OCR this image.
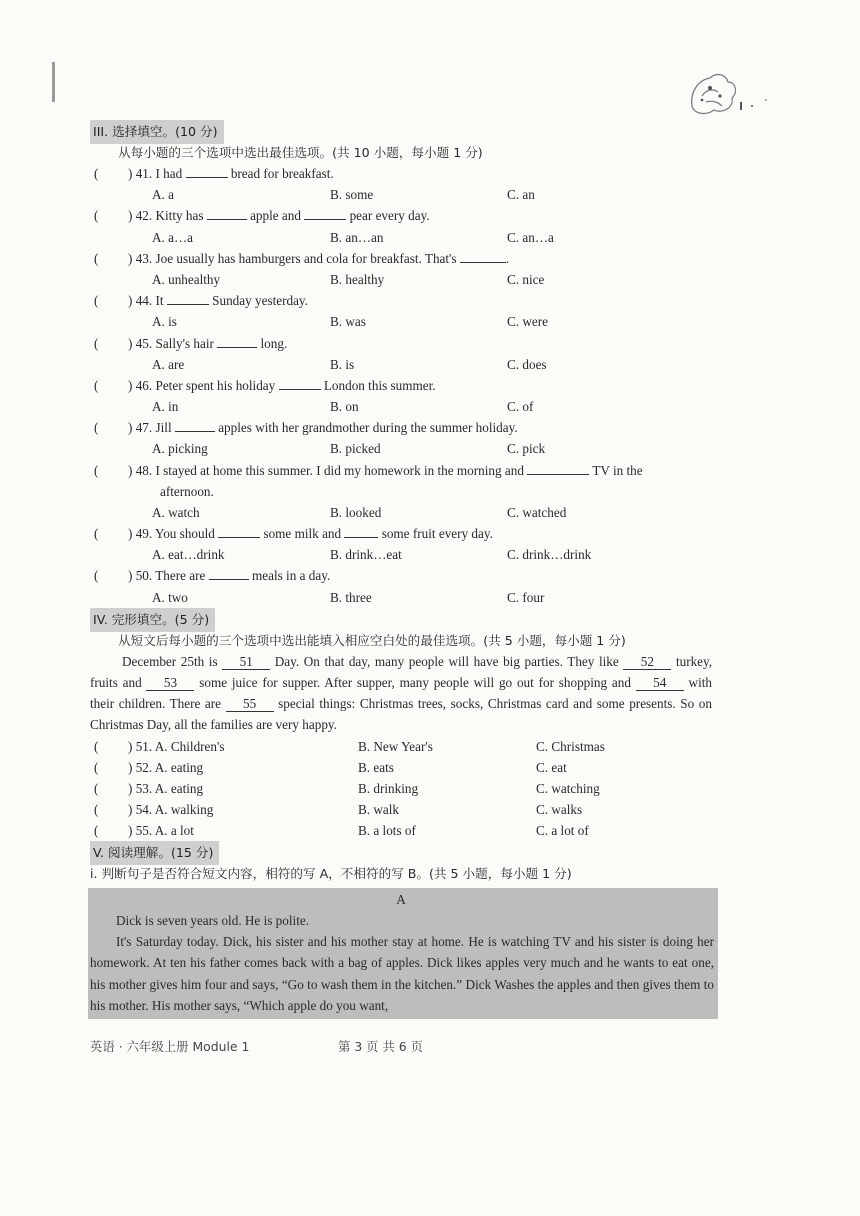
III. 选择填空。(10 分)
从每小题的三个选项中选出最佳选项。(共 10 小题，每小题 1 分)
( ) 41. I had	bread for breakfast.
A. a	B. some	C. an
( ) 42. Kitty has	apple and	pear every day.
A. a…a	B. an…an	C. an…a
( ) 43. Joe usually has hamburgers and cola for breakfast. That's	.
A. unhealthy	B. healthy	C. nice
( ) 44. It	Sunday yesterday.
A. is	B. was	C. were
( ) 45. Sally's hair	long.
A. are	B. is	C. does
( ) 46. Peter spent his holiday	London this summer.
A. in	B. on	C. of
( ) 47. Jill	apples with her grandmother during the summer holiday.
A. picking	B. picked	C. pick
( ) 48. I stayed at home this summer. I did my homework in the morning and	TV in the
afternoon.
A. watch	B. looked	C. watched
( ) 49. You should	some milk and	some fruit every day.
A. eat…drink	B. drink…eat	C. drink…drink
( ) 50. There are	meals in a day.
A. two	B. three	C. four
IV. 完形填空。(5 分)
从短文后每小题的三个选项中选出能填入相应空白处的最佳选项。(共 5 小题，每小题 1 分)
December 25th is 51 Day. On that day, many people will have big parties. They like 52 turkey, fruits and 53 some juice for supper. After supper, many people will go out for shopping and 54 with their children. There are 55 special things: Christmas trees, socks, Christmas card and some presents. So on Christmas Day, all the families are very happy.
( ) 51. A. Children's	B. New Year's	C. Christmas
( ) 52. A. eating	B. eats	C. eat
( ) 53. A. eating	B. drinking	C. watching
( ) 54. A. walking	B. walk	C. walks
( ) 55. A. a lot	B. a lots of	C. a lot of
V. 阅读理解。(15 分)
i. 判断句子是否符合短文内容，相符的写 A，不相符的写 B。(共 5 小题，每小题 1 分)
A

Dick is seven years old. He is polite.

It's Saturday today. Dick, his sister and his mother stay at home. He is watching TV and his sister is doing her homework. At ten his father comes back with a bag of apples. Dick likes apples very much and he wants to eat one, his mother gives him four and says, “Go to wash them in the kitchen.” Dick Washes the apples and then gives them to his mother. His mother says, “Which apple do you want,

英语 · 六年级上册 Module 1	第 3 页 共 6 页
